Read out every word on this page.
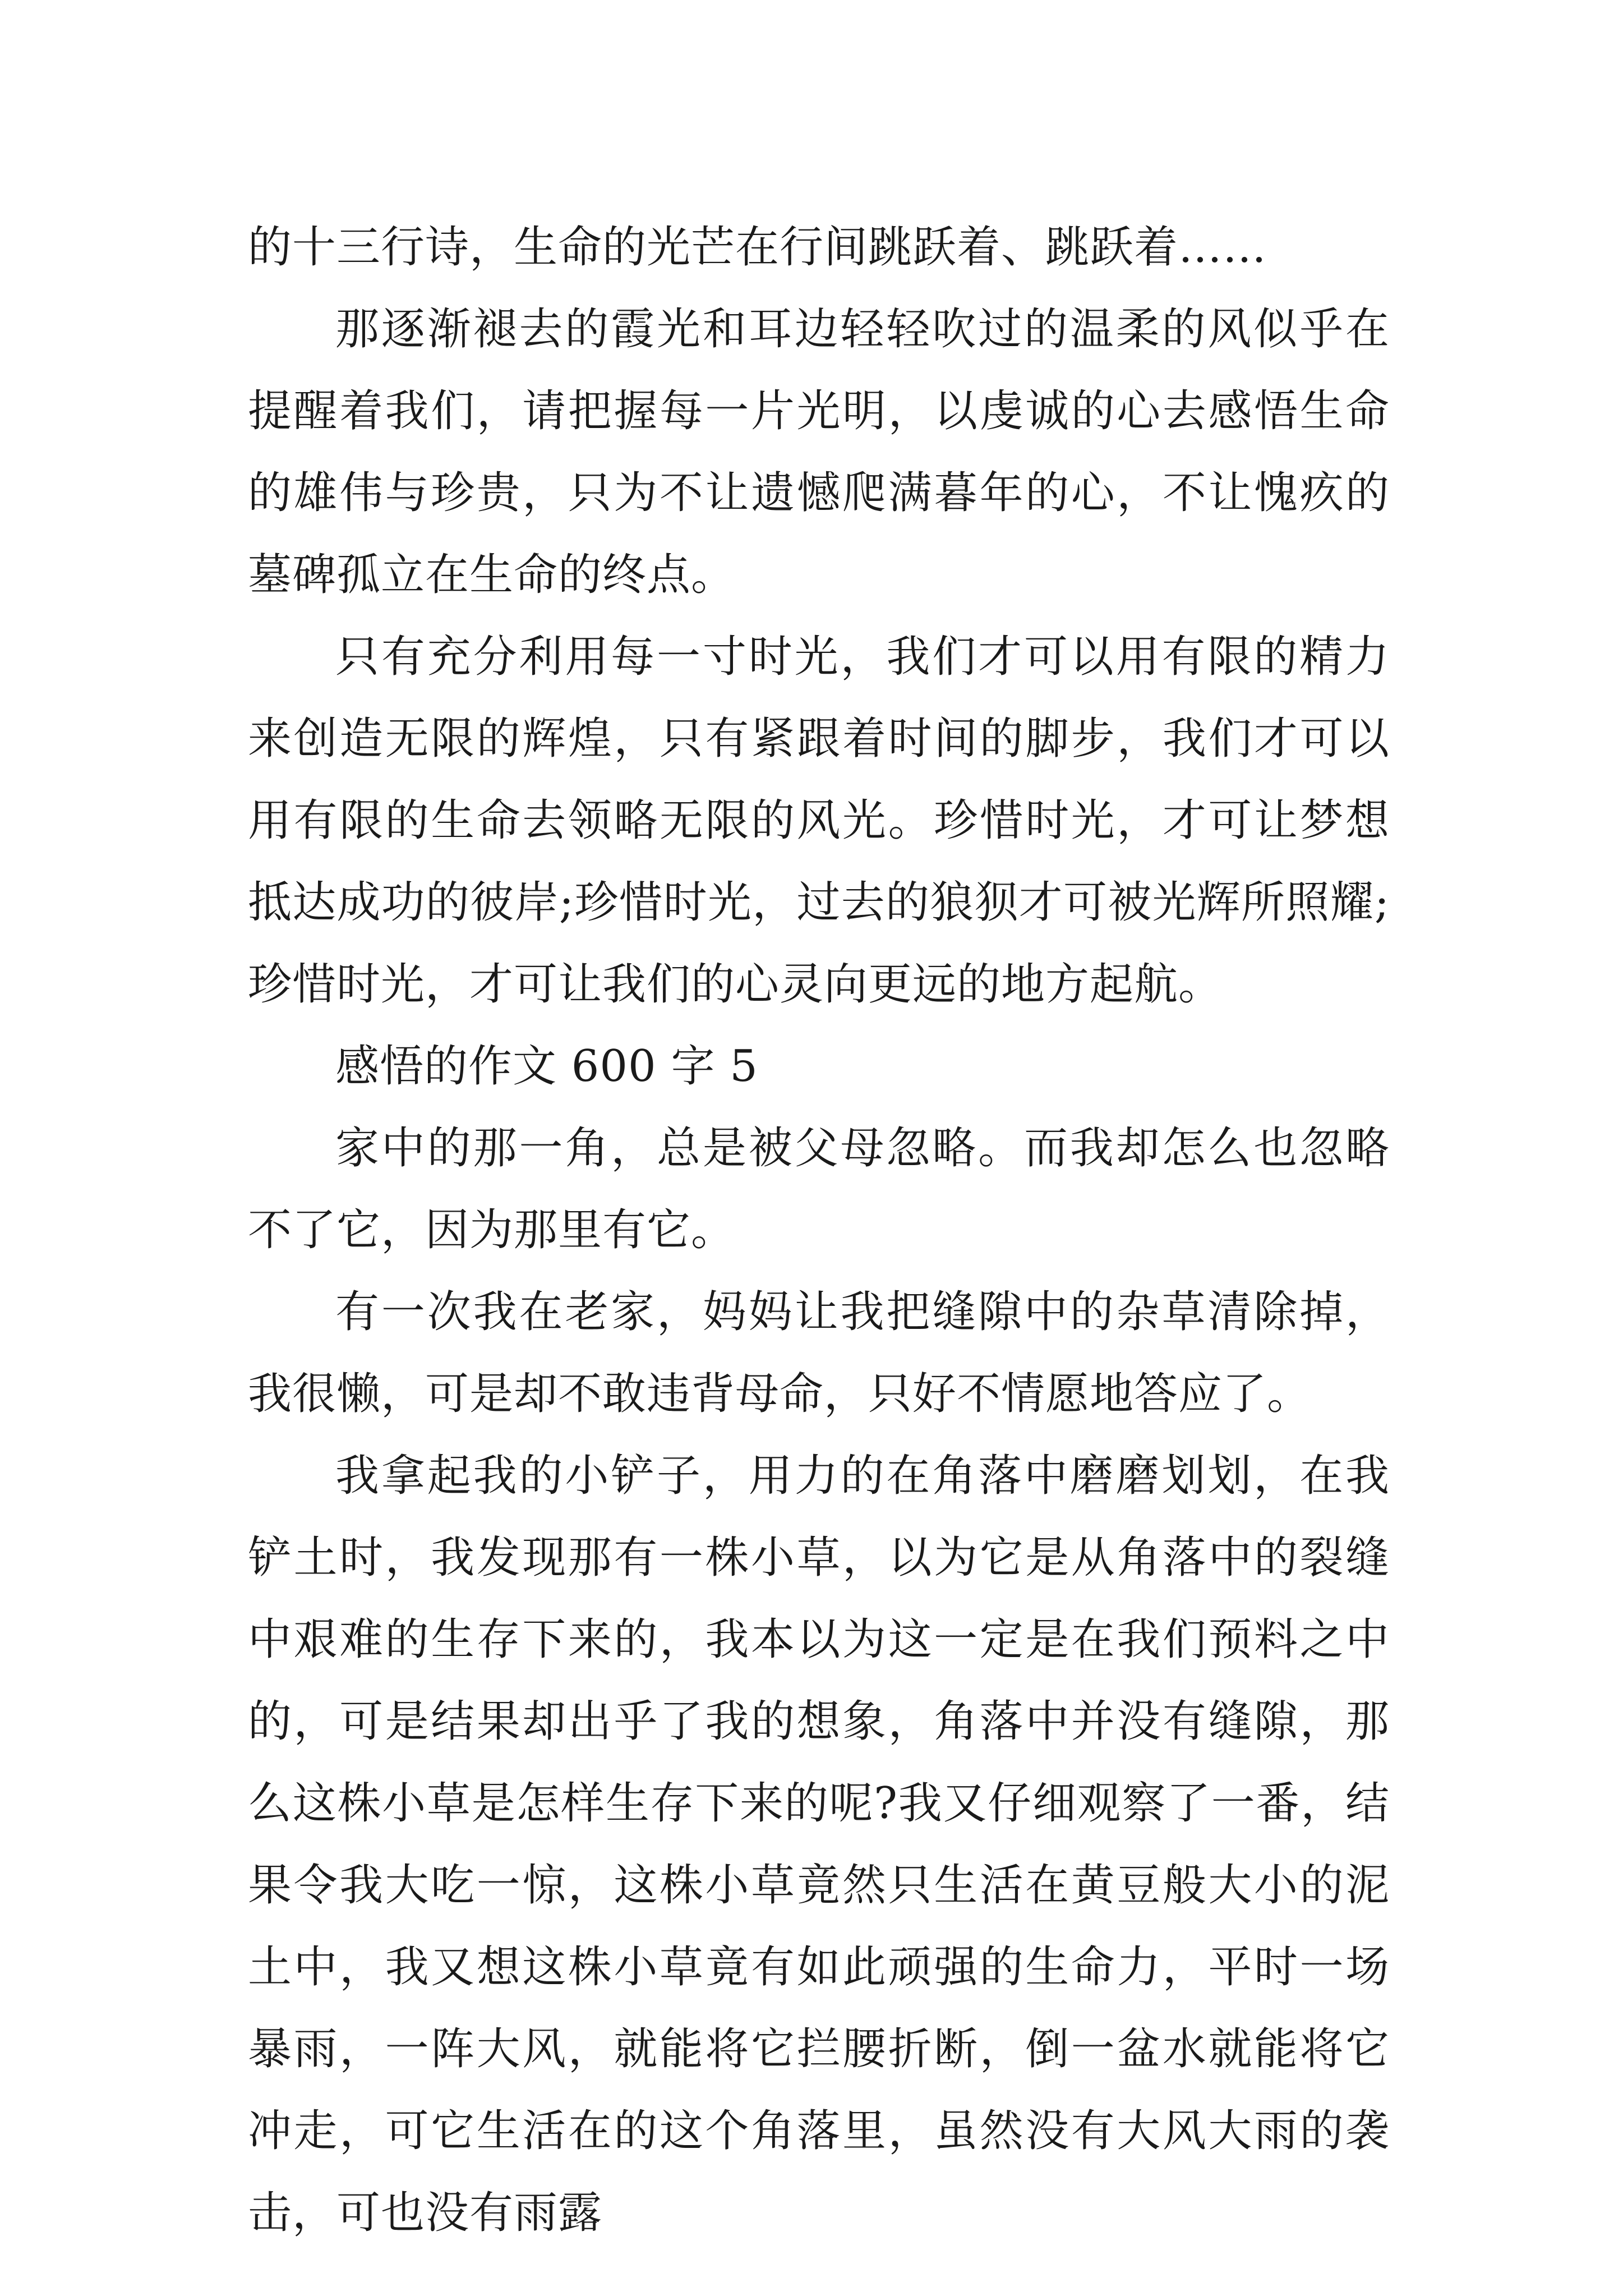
的十三行诗，生命的光芒在行间跳跃着、跳跃着……

那逐渐褪去的霞光和耳边轻轻吹过的温柔的风似乎在提醒着我们，请把握每一片光明，以虔诚的心去感悟生命的雄伟与珍贵，只为不让遗憾爬满暮年的心，不让愧疚的墓碑孤立在生命的终点。

只有充分利用每一寸时光，我们才可以用有限的精力来创造无限的辉煌，只有紧跟着时间的脚步，我们才可以用有限的生命去领略无限的风光。珍惜时光，才可让梦想抵达成功的彼岸;珍惜时光，过去的狼狈才可被光辉所照耀;珍惜时光，才可让我们的心灵向更远的地方起航。

感悟的作文 600 字 5

家中的那一角，总是被父母忽略。而我却怎么也忽略不了它，因为那里有它。

有一次我在老家，妈妈让我把缝隙中的杂草清除掉，我很懒，可是却不敢违背母命，只好不情愿地答应了。

我拿起我的小铲子，用力的在角落中磨磨划划，在我铲土时，我发现那有一株小草，以为它是从角落中的裂缝中艰难的生存下来的，我本以为这一定是在我们预料之中的，可是结果却出乎了我的想象，角落中并没有缝隙，那么这株小草是怎样生存下来的呢?我又仔细观察了一番，结果令我大吃一惊，这株小草竟然只生活在黄豆般大小的泥土中，我又想这株小草竟有如此顽强的生命力，平时一场暴雨，一阵大风，就能将它拦腰折断，倒一盆水就能将它冲走，可它生活在的这个角落里，虽然没有大风大雨的袭击，可也没有雨露
